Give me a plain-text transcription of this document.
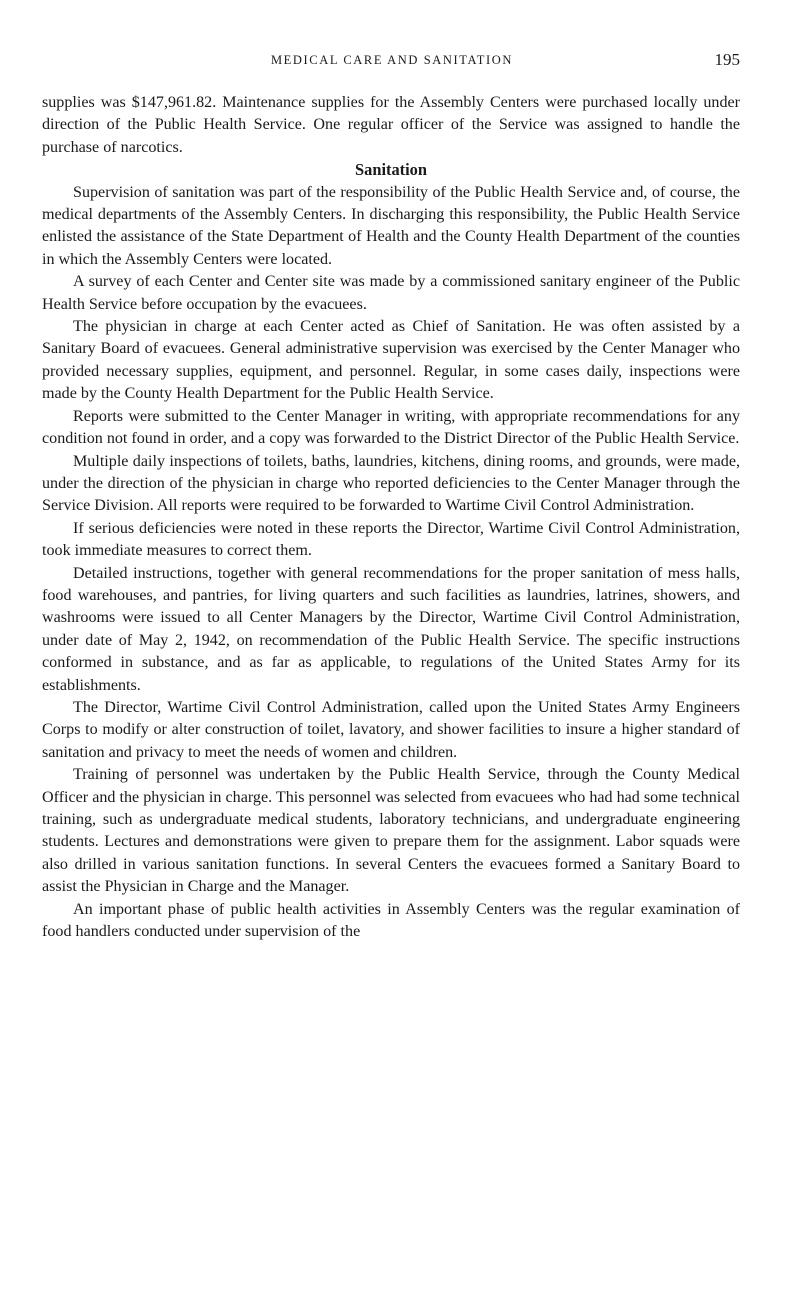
MEDICAL CARE AND SANITATION	195

supplies was $147,961.82. Maintenance supplies for the Assembly Centers were purchased locally under direction of the Public Health Service. One regular officer of the Service was assigned to handle the purchase of narcotics.

Sanitation

Supervision of sanitation was part of the responsibility of the Public Health Service and, of course, the medical departments of the Assembly Centers. In discharging this responsibility, the Public Health Service enlisted the assistance of the State Department of Health and the County Health Department of the counties in which the Assembly Centers were located.

A survey of each Center and Center site was made by a commissioned sanitary engineer of the Public Health Service before occupation by the evacuees.

The physician in charge at each Center acted as Chief of Sanitation. He was often assisted by a Sanitary Board of evacuees. General administrative supervision was exercised by the Center Manager who provided necessary supplies, equipment, and personnel. Regular, in some cases daily, inspections were made by the County Health Department for the Public Health Service.

Reports were submitted to the Center Manager in writing, with appropriate recommendations for any condition not found in order, and a copy was forwarded to the District Director of the Public Health Service.

Multiple daily inspections of toilets, baths, laundries, kitchens, dining rooms, and grounds, were made, under the direction of the physician in charge who reported deficiencies to the Center Manager through the Service Division. All reports were required to be forwarded to Wartime Civil Control Administration.

If serious deficiencies were noted in these reports the Director, Wartime Civil Control Administration, took immediate measures to correct them.

Detailed instructions, together with general recommendations for the proper sanitation of mess halls, food warehouses, and pantries, for living quarters and such facilities as laundries, latrines, showers, and washrooms were issued to all Center Managers by the Director, Wartime Civil Control Administration, under date of May 2, 1942, on recommendation of the Public Health Service. The specific instructions conformed in substance, and as far as applicable, to regulations of the United States Army for its establishments.

The Director, Wartime Civil Control Administration, called upon the United States Army Engineers Corps to modify or alter construction of toilet, lavatory, and shower facilities to insure a higher standard of sanitation and privacy to meet the needs of women and children.

Training of personnel was undertaken by the Public Health Service, through the County Medical Officer and the physician in charge. This personnel was selected from evacuees who had had some technical training, such as undergraduate medical students, laboratory technicians, and undergraduate engineering students. Lectures and demonstrations were given to prepare them for the assignment. Labor squads were also drilled in various sanitation functions. In several Centers the evacuees formed a Sanitary Board to assist the Physician in Charge and the Manager.

An important phase of public health activities in Assembly Centers was the regular examination of food handlers conducted under supervision of the
